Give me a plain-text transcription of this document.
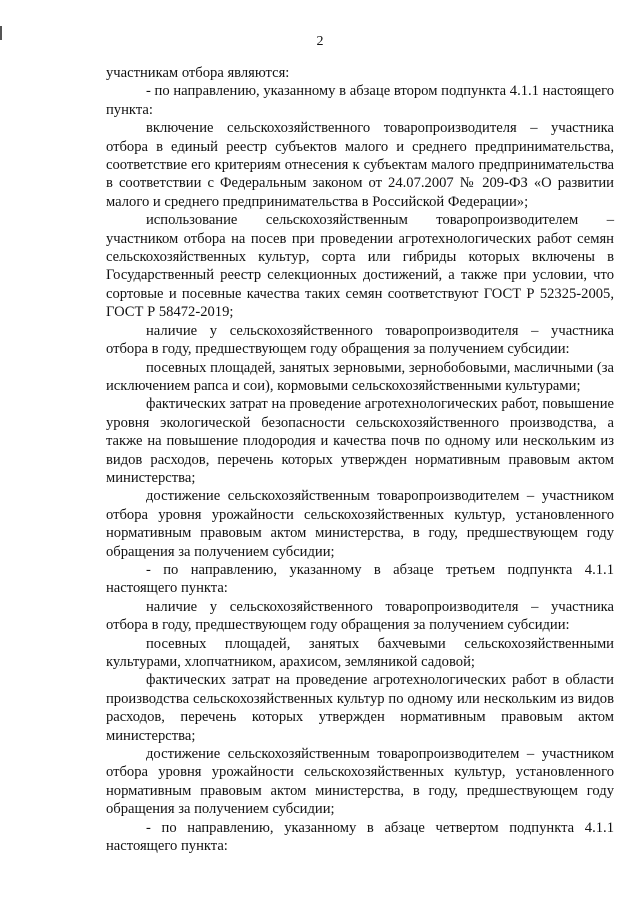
2

участникам отбора являются:

- по направлению, указанному в абзаце втором подпункта 4.1.1 настоящего пункта:

включение сельскохозяйственного товаропроизводителя – участника отбора в единый реестр субъектов малого и среднего предпринимательства, соответствие его критериям отнесения к субъектам малого предпринимательства в соответствии с Федеральным законом от 24.07.2007 № 209-ФЗ «О развитии малого и среднего предпринимательства в Российской Федерации»;

использование сельскохозяйственным товаропроизводителем – участником отбора на посев при проведении агротехнологических работ семян сельскохозяйственных культур, сорта или гибриды которых включены в Государственный реестр селекционных достижений, а также при условии, что сортовые и посевные качества таких семян соответствуют ГОСТ Р 52325-2005, ГОСТ Р 58472-2019;

наличие у сельскохозяйственного товаропроизводителя – участника отбора в году, предшествующем году обращения за получением субсидии:

посевных площадей, занятых зерновыми, зернобобовыми, масличными (за исключением рапса и сои), кормовыми сельскохозяйственными культурами;

фактических затрат на проведение агротехнологических работ, повышение уровня экологической безопасности сельскохозяйственного производства, а также на повышение плодородия и качества почв по одному или нескольким из видов расходов, перечень которых утвержден нормативным правовым актом министерства;

достижение сельскохозяйственным товаропроизводителем – участником отбора уровня урожайности сельскохозяйственных культур, установленного нормативным правовым актом министерства, в году, предшествующем году обращения за получением субсидии;

- по направлению, указанному в абзаце третьем подпункта 4.1.1 настоящего пункта:

наличие у сельскохозяйственного товаропроизводителя – участника отбора в году, предшествующем году обращения за получением субсидии:

посевных площадей, занятых бахчевыми сельскохозяйственными культурами, хлопчатником, арахисом, земляникой садовой;

фактических затрат на проведение агротехнологических работ в области производства сельскохозяйственных культур по одному или нескольким из видов расходов, перечень которых утвержден нормативным правовым актом министерства;

достижение сельскохозяйственным товаропроизводителем – участником отбора уровня урожайности сельскохозяйственных культур, установленного нормативным правовым актом министерства, в году, предшествующем году обращения за получением субсидии;

- по направлению, указанному в абзаце четвертом подпункта 4.1.1 настоящего пункта:
